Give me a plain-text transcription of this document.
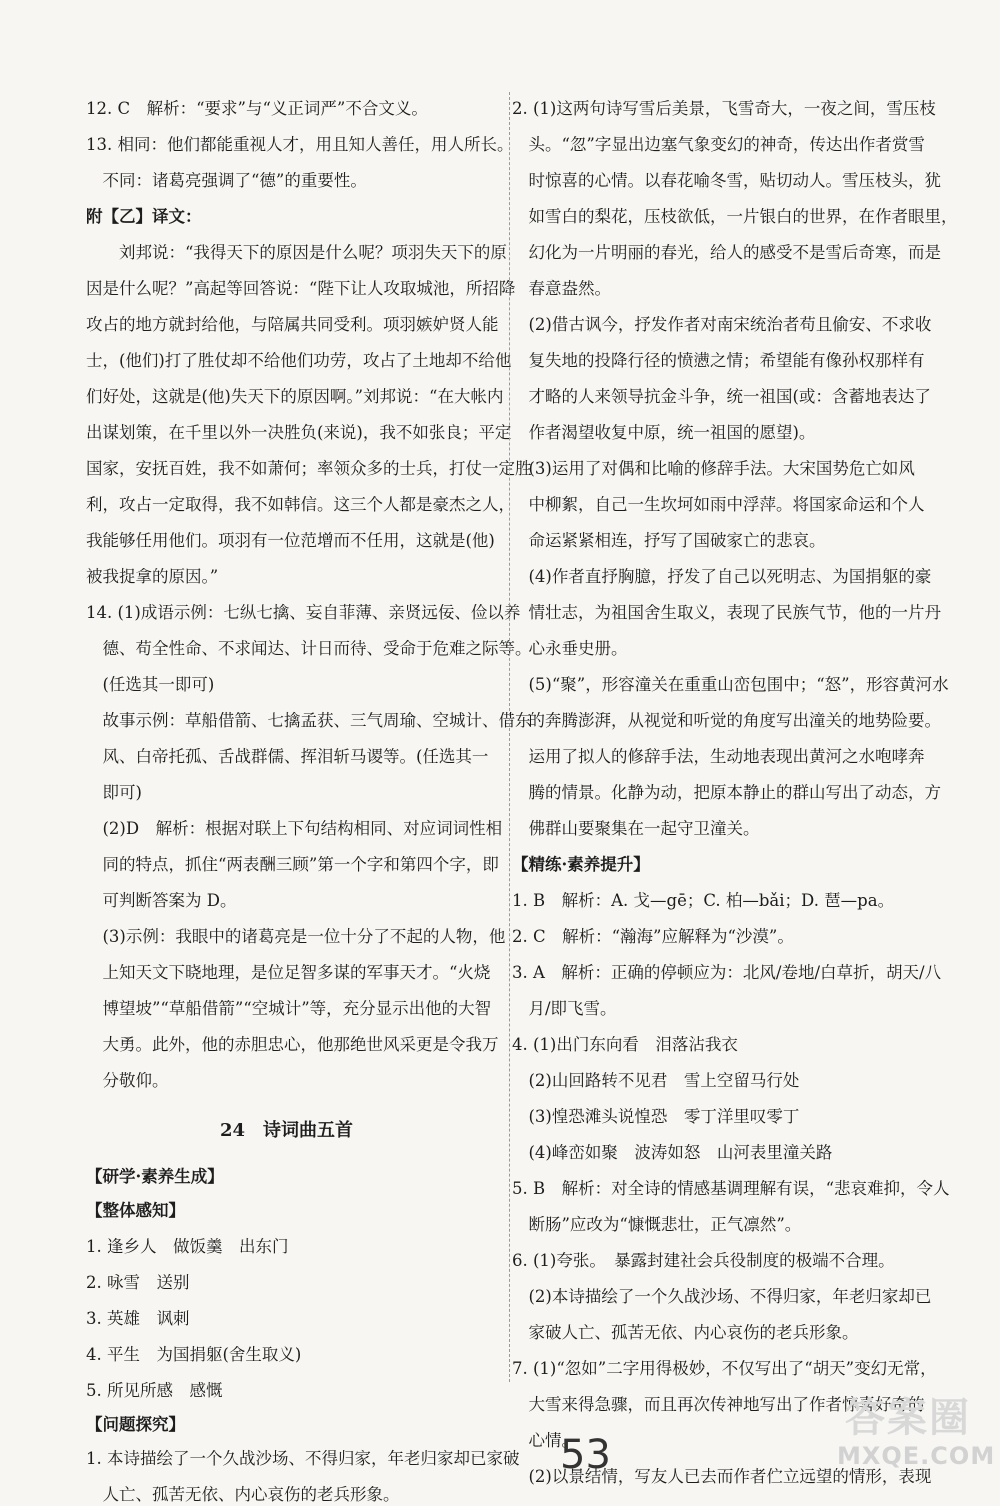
12. C　解析：“要求”与“义正词严”不合文义。
13. 相同：他们都能重视人才，用且知人善任，用人所长。
　不同：诸葛亮强调了“德”的重要性。
附【乙】译文：
　　刘邦说：“我得天下的原因是什么呢？项羽失天下的原
因是什么呢？”高起等回答说：“陛下让人攻取城池，所招降
攻占的地方就封给他，与陪属共同受利。项羽嫉妒贤人能
士，(他们)打了胜仗却不给他们功劳，攻占了土地却不给他
们好处，这就是(他)失天下的原因啊。”刘邦说：“在大帐内
出谋划策，在千里以外一决胜负(来说)，我不如张良；平定
国家，安抚百姓，我不如萧何；率领众多的士兵，打仗一定胜
利，攻占一定取得，我不如韩信。这三个人都是豪杰之人，
我能够任用他们。项羽有一位范增而不任用，这就是(他)
被我捉拿的原因。”
14. (1)成语示例：七纵七擒、妄自菲薄、亲贤远佞、俭以养
　德、苟全性命、不求闻达、计日而待、受命于危难之际等。
　(任选其一即可)
　故事示例：草船借箭、七擒孟获、三气周瑜、空城计、借东
　风、白帝托孤、舌战群儒、挥泪斩马谡等。(任选其一
　即可)
　(2)D　解析：根据对联上下句结构相同、对应词词性相
　同的特点，抓住“两表酬三顾”第一个字和第四个字，即
　可判断答案为 D。
　(3)示例：我眼中的诸葛亮是一位十分了不起的人物，他
　上知天文下晓地理，是位足智多谋的军事天才。“火烧
　博望坡”“草船借箭”“空城计”等，充分显示出他的大智
　大勇。此外，他的赤胆忠心，他那绝世风采更是令我万
　分敬仰。
24　诗词曲五首
【研学·素养生成】
【整体感知】
1. 逢乡人　做饭羹　出东门
2. 咏雪　送别
3. 英雄　讽刺
4. 平生　为国捐躯(舍生取义)
5. 所见所感　感慨
【问题探究】
1. 本诗描绘了一个久战沙场、不得归家，年老归家却已家破
　人亡、孤苦无依、内心哀伤的老兵形象。
2. (1)这两句诗写雪后美景，飞雪奇大，一夜之间，雪压枝
　头。“忽”字显出边塞气象变幻的神奇，传达出作者赏雪
　时惊喜的心情。以春花喻冬雪，贴切动人。雪压枝头，犹
　如雪白的梨花，压枝欲低，一片银白的世界，在作者眼里，
　幻化为一片明丽的春光，给人的感受不是雪后奇寒，而是
　春意盎然。
　(2)借古讽今，抒发作者对南宋统治者苟且偷安、不求收
　复失地的投降行径的愤懑之情；希望能有像孙权那样有
　才略的人来领导抗金斗争，统一祖国(或：含蓄地表达了
　作者渴望收复中原，统一祖国的愿望)。
　(3)运用了对偶和比喻的修辞手法。大宋国势危亡如风
　中柳絮，自己一生坎坷如雨中浮萍。将国家命运和个人
　命运紧紧相连，抒写了国破家亡的悲哀。
　(4)作者直抒胸臆，抒发了自己以死明志、为国捐躯的豪
　情壮志，为祖国舍生取义，表现了民族气节，他的一片丹
　心永垂史册。
　(5)“聚”，形容潼关在重重山峦包围中；“怒”，形容黄河水
　的奔腾澎湃，从视觉和听觉的角度写出潼关的地势险要。
　运用了拟人的修辞手法，生动地表现出黄河之水咆哮奔
　腾的情景。化静为动，把原本静止的群山写出了动态，方
　佛群山要聚集在一起守卫潼关。
【精练·素养提升】
1. B　解析：A. 戈—gē；C. 柏—bǎi；D. 琶—pa。
2. C　解析：“瀚海”应解释为“沙漠”。
3. A　解析：正确的停顿应为：北风/卷地/白草折，胡天/八
　月/即飞雪。
4. (1)出门东向看　泪落沾我衣
　(2)山回路转不见君　雪上空留马行处
　(3)惶恐滩头说惶恐　零丁洋里叹零丁
　(4)峰峦如聚　波涛如怒　山河表里潼关路
5. B　解析：对全诗的情感基调理解有误，“悲哀难抑，令人
　断肠”应改为“慷慨悲壮，正气凛然”。
6. (1)夸张。　暴露封建社会兵役制度的极端不合理。
　(2)本诗描绘了一个久战沙场、不得归家，年老归家却已
　家破人亡、孤苦无依、内心哀伤的老兵形象。
7. (1)“忽如”二字用得极妙，不仅写出了“胡天”变幻无常，
　大雪来得急骤，而且再次传神地写出了作者惊喜好奇的
　心情。
　(2)以景结情，写友人已去而作者伫立远望的情形，表现
53
答案圈
MXQE.COM
